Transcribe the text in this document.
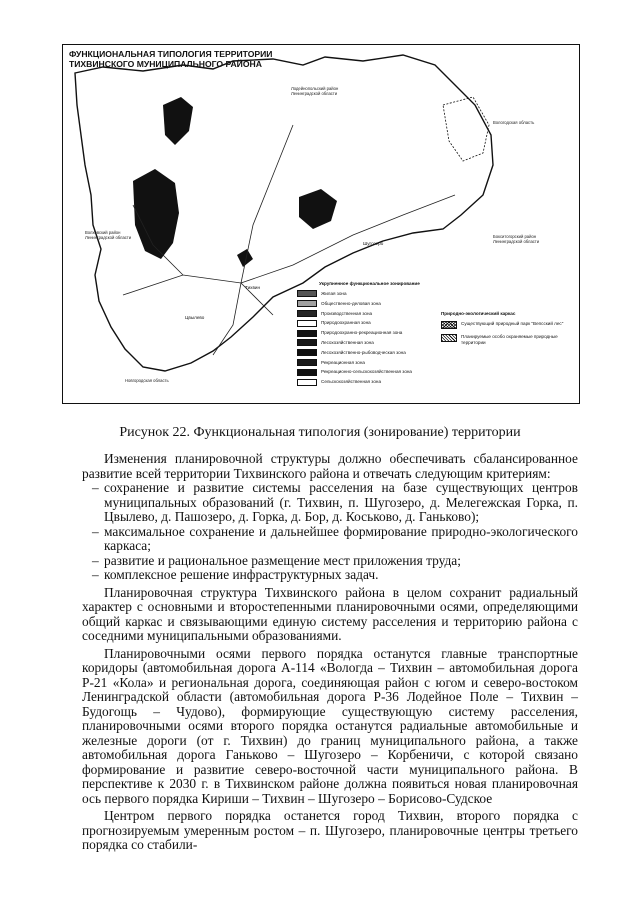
ФУНКЦИОНАЛЬНАЯ ТИПОЛОГИЯ ТЕРРИТОРИИ
ТИХВИНСКОГО МУНИЦИПАЛЬНОГО РАЙОНА
Лодейнопольский район Ленинградской области
Вологодская область
Бокситогорский район Ленинградской области
Волховский район Ленинградской области
Новгородская область
Тихвин
Шугозеро
Цвылево
Укрупненное функциональное зонирование
Жилая зона
Общественно-деловая зона
Производственная зона
Природоохранная зона
Природоохранно-рекреационная зона
Лесохозяйственная зона
Лесохозяйственно-рыбоводческая зона
Рекреационная зона
Рекреационно-сельскохозяйственная зона
Сельскохозяйственная зона
Природно-экологический каркас
Существующий природный парк "Вепсский лес"
Планируемые особо охраняемые природные территории
Рисунок 22. Функциональная типология (зонирование) территории

Изменения планировочной структуры должно обеспечивать сбалансированное развитие всей территории Тихвинского района и отвечать следующим критериям:

– сохранение и развитие системы расселения на базе существующих центров муниципальных образований (г. Тихвин, п. Шугозеро, д. Мелегежская Горка, п. Цвылево, д. Пашозеро, д. Горка, д. Бор, д. Коськово, д. Ганьково);

– максимальное сохранение и дальнейшее формирование природно-экологического каркаса;

– развитие и рациональное размещение мест приложения труда;

– комплексное решение инфраструктурных задач.

Планировочная структура Тихвинского района в целом сохранит радиальный характер с основными и второстепенными планировочными осями, определяющими общий каркас и связывающими единую систему расселения и территорию района с соседними муниципальными образованиями.

Планировочными осями первого порядка останутся главные транспортные коридоры (автомобильная дорога А-114 «Вологда – Тихвин – автомобильная дорога Р-21 «Кола» и региональная дорога, соединяющая район с югом и северо-востоком Ленинградской области (автомобильная дорога Р-36 Лодейное Поле – Тихвин – Будогощь – Чудово), формирующие существующую систему расселения, планировочными осями второго порядка останутся радиальные автомобильные и железные дороги (от г. Тихвин) до границ муниципального района, а также автомобильная дорога Ганьково – Шугозеро – Корбеничи, с которой связано формирование и развитие северо-восточной части муниципального района. В перспективе к 2030 г. в Тихвинском районе должна появиться новая планировочная ось первого порядка Кириши – Тихвин – Шугозеро – Борисово-Судское

Центром первого порядка останется город Тихвин, второго порядка с прогнозируемым умеренным ростом – п. Шугозеро, планировочные центры третьего порядка со стабили-
